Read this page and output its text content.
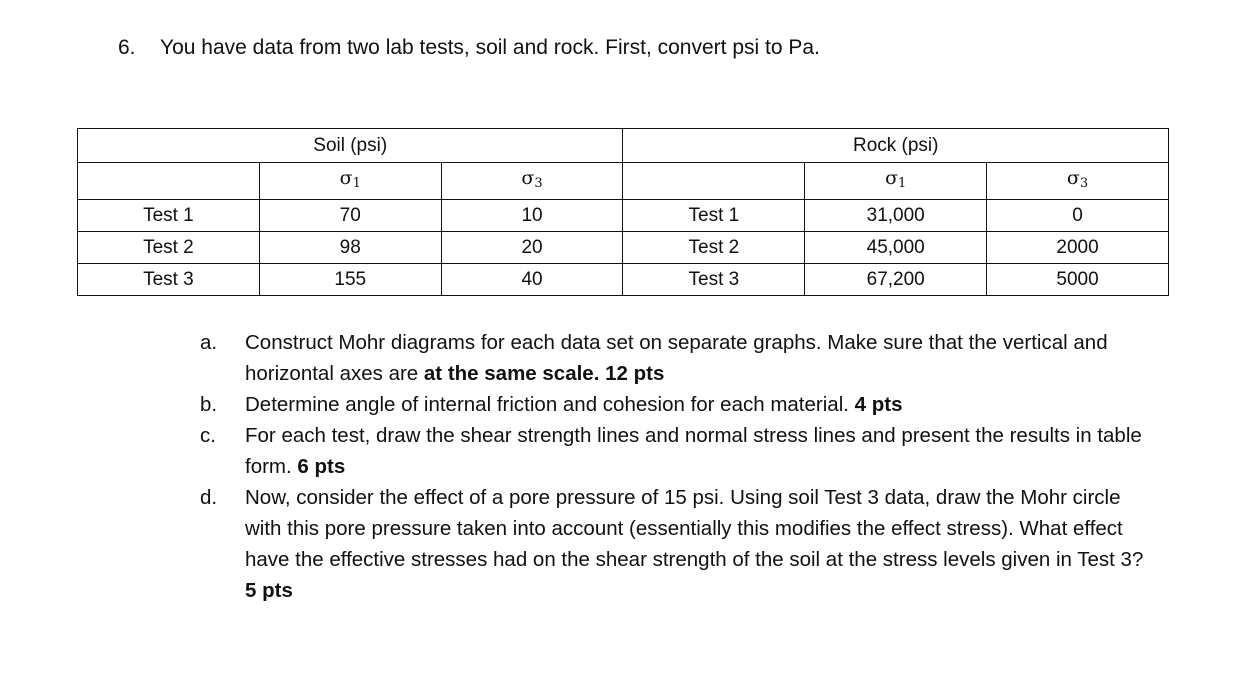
6. You have data from two lab tests, soil and rock. First, convert psi to Pa.
Soil (psi)			Rock (psi)		
	$\sigma_1$	$\sigma_3$		$\sigma_1$	$\sigma_3$
Test 1	70	10	Test 1	31,000	0
Test 2	98	20	Test 2	45,000	2000
Test 3	155	40	Test 3	67,200	5000
a.	Construct Mohr diagrams for each data set on separate graphs. Make sure that the vertical and horizontal axes are at the same scale. 12 pts
b.	Determine angle of internal friction and cohesion for each material. 4 pts
c.	For each test, draw the shear strength lines and normal stress lines and present the results in table form. 6 pts
d.	Now, consider the effect of a pore pressure of 15 psi. Using soil Test 3 data, draw the Mohr circle with this pore pressure taken into account (essentially this modifies the effect stress). What effect have the effective stresses had on the shear strength of the soil at the stress levels given in Test 3? 5 pts
